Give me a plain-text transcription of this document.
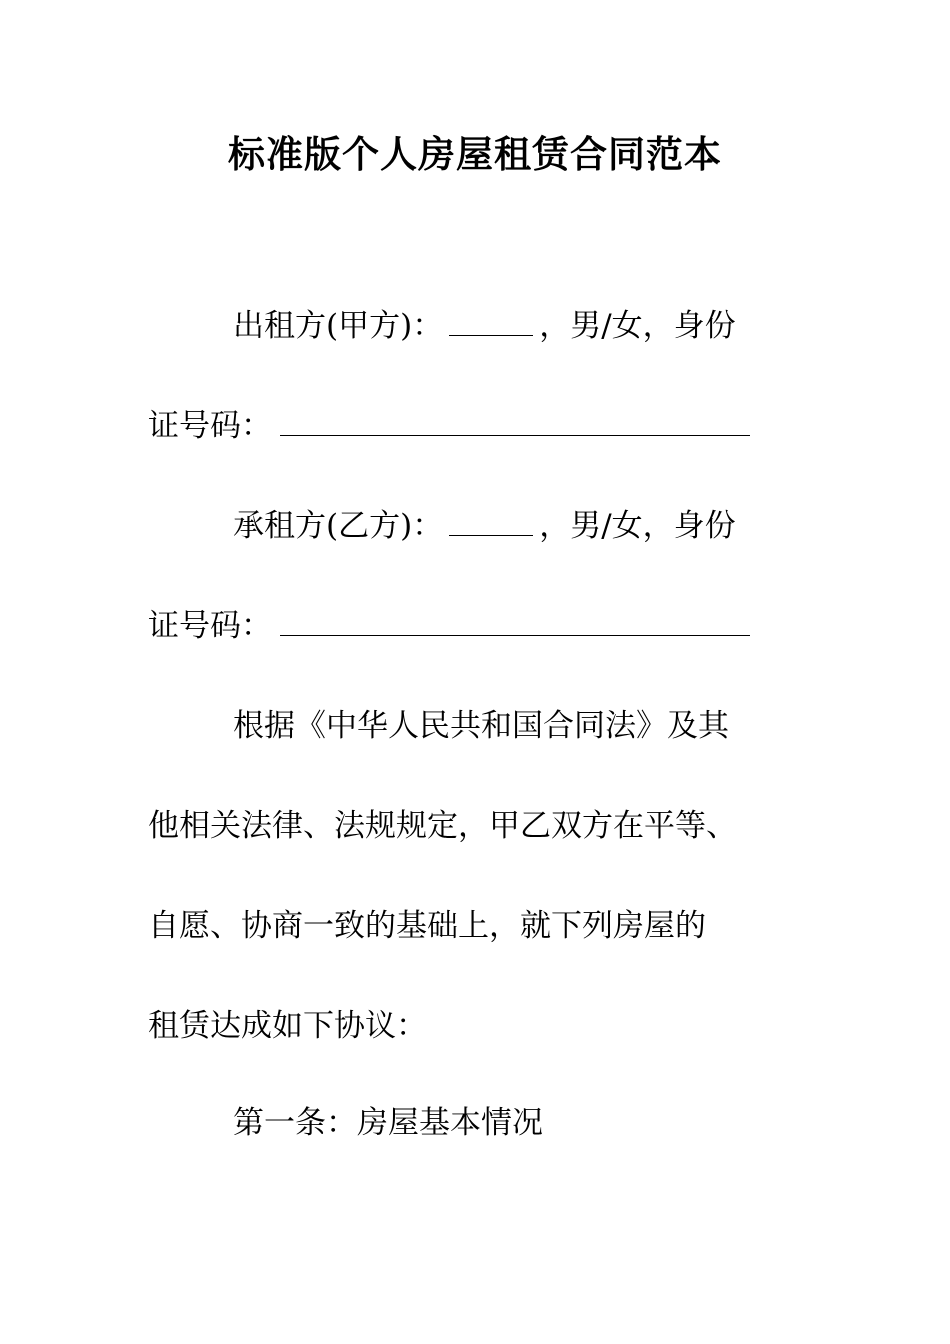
标准版个人房屋租赁合同范本
出租方(甲方)：	，男/女，身份
证号码：
承租方(乙方)：	，男/女，身份
证号码：
根据《中华人民共和国合同法》及其
他相关法律、法规规定，甲乙双方在平等、
自愿、协商一致的基础上，就下列房屋的
租赁达成如下协议：
第一条：房屋基本情况
